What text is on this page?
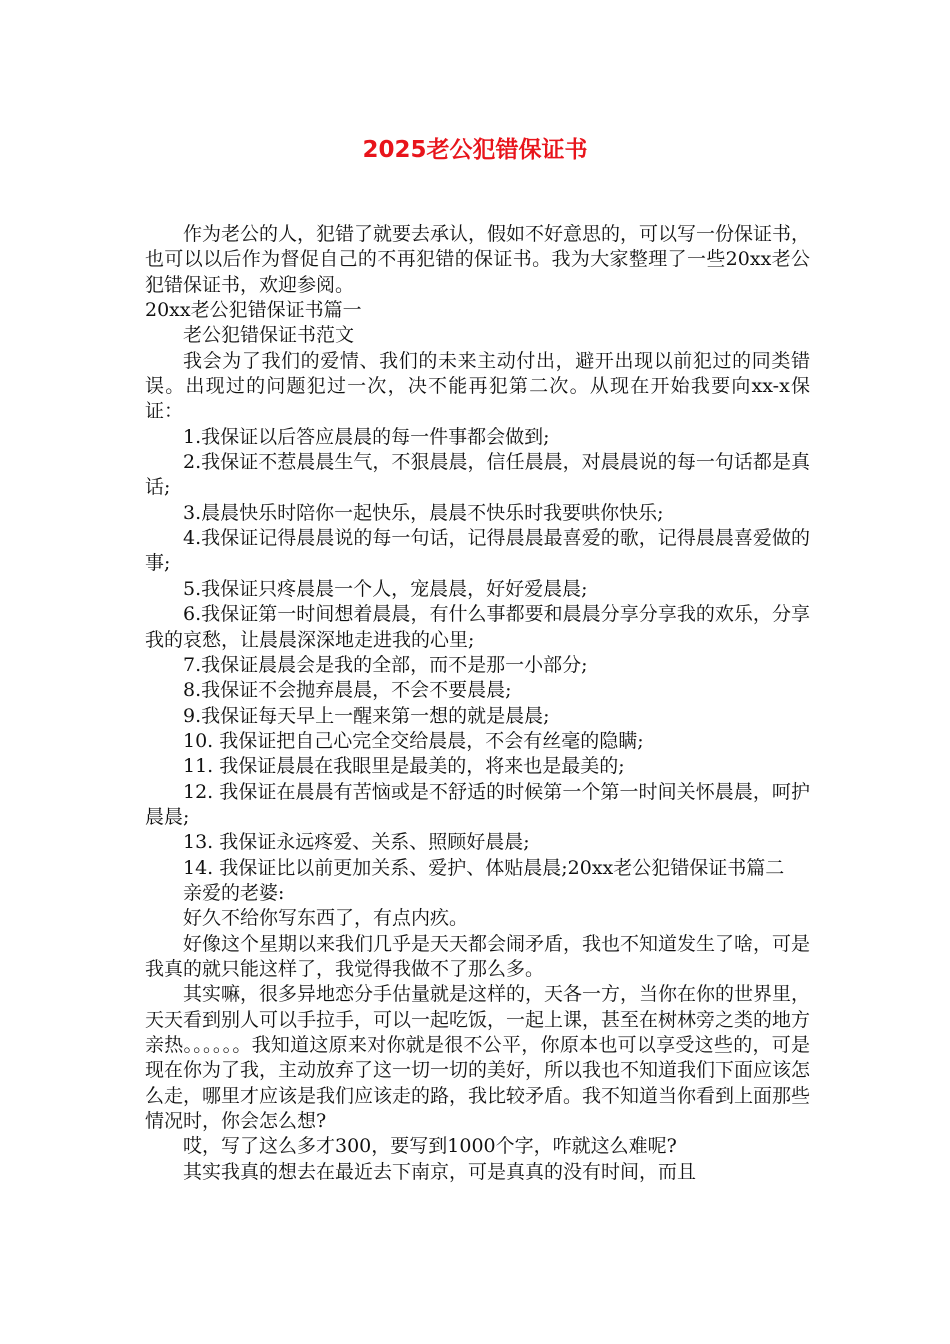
2025老公犯错保证书

作为老公的人，犯错了就要去承认，假如不好意思的，可以写一份保证书，也可以以后作为督促自己的不再犯错的保证书。我为大家整理了一些20xx老公犯错保证书，欢迎参阅。

20xx老公犯错保证书篇一

老公犯错保证书范文

我会为了我们的爱情、我们的未来主动付出，避开出现以前犯过的同类错误。出现过的问题犯过一次，决不能再犯第二次。从现在开始我要向xx-x保证：

1.我保证以后答应晨晨的每一件事都会做到;

2.我保证不惹晨晨生气，不狠晨晨，信任晨晨，对晨晨说的每一句话都是真话;

3.晨晨快乐时陪你一起快乐，晨晨不快乐时我要哄你快乐;

4.我保证记得晨晨说的每一句话，记得晨晨最喜爱的歌，记得晨晨喜爱做的事;

5.我保证只疼晨晨一个人，宠晨晨，好好爱晨晨;

6.我保证第一时间想着晨晨，有什么事都要和晨晨分享分享我的欢乐，分享我的哀愁，让晨晨深深地走进我的心里;

7.我保证晨晨会是我的全部，而不是那一小部分;

8.我保证不会抛弃晨晨，不会不要晨晨;

9.我保证每天早上一醒来第一想的就是晨晨;

10. 我保证把自己心完全交给晨晨，不会有丝毫的隐瞒;

11. 我保证晨晨在我眼里是最美的，将来也是最美的;

12. 我保证在晨晨有苦恼或是不舒适的时候第一个第一时间关怀晨晨，呵护晨晨;

13. 我保证永远疼爱、关系、照顾好晨晨;

14. 我保证比以前更加关系、爱护、体贴晨晨;20xx老公犯错保证书篇二

亲爱的老婆:

好久不给你写东西了，有点内疚。

好像这个星期以来我们几乎是天天都会闹矛盾，我也不知道发生了啥，可是我真的就只能这样了，我觉得我做不了那么多。

其实嘛，很多异地恋分手估量就是这样的，天各一方，当你在你的世界里，天天看到别人可以手拉手，可以一起吃饭，一起上课，甚至在树林旁之类的地方亲热。。。。。。我知道这原来对你就是很不公平，你原本也可以享受这些的，可是现在你为了我，主动放弃了这一切一切的美好，所以我也不知道我们下面应该怎么走，哪里才应该是我们应该走的路，我比较矛盾。我不知道当你看到上面那些情况时，你会怎么想?

哎，写了这么多才300，要写到1000个字，咋就这么难呢?

其实我真的想去在最近去下南京，可是真真的没有时间，而且
